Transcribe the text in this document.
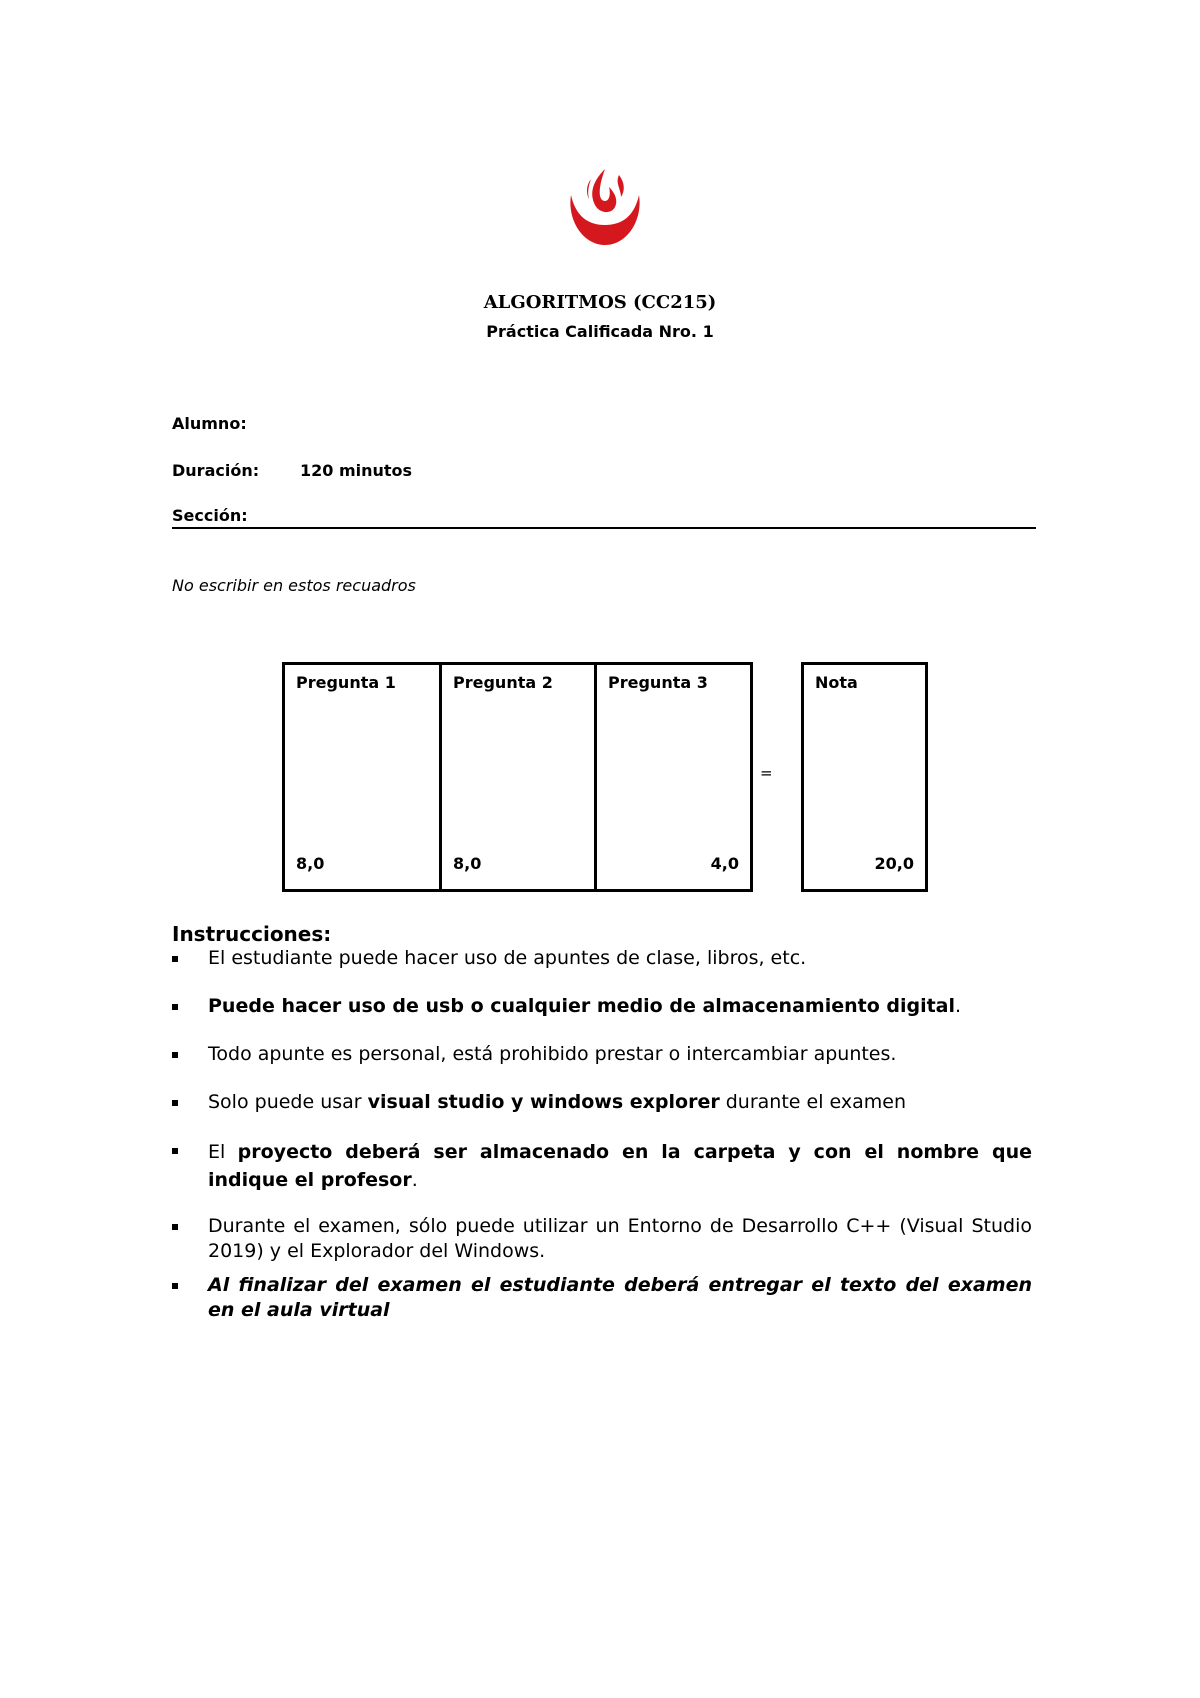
ALGORITMOS (CC215)
Práctica Calificada Nro. 1
Alumno:
Duración:	120 minutos
Sección:
No escribir en estos recuadros
Pregunta 1
8,0
Pregunta 2
8,0
Pregunta 3
4,0
=
Nota
20,0
Instrucciones:
El estudiante puede hacer uso de apuntes de clase, libros, etc.
Puede hacer uso de usb o cualquier medio de almacenamiento digital.
Todo apunte es personal, está prohibido prestar o intercambiar apuntes.
Solo puede usar visual studio y windows explorer durante el examen
El proyecto deberá ser almacenado en la carpeta y con el nombre que indique el profesor.
Durante el examen, sólo puede utilizar un Entorno de Desarrollo C++ (Visual Studio 2019) y el Explorador del Windows.
Al finalizar del examen el estudiante deberá entregar el texto del examen en el aula virtual
